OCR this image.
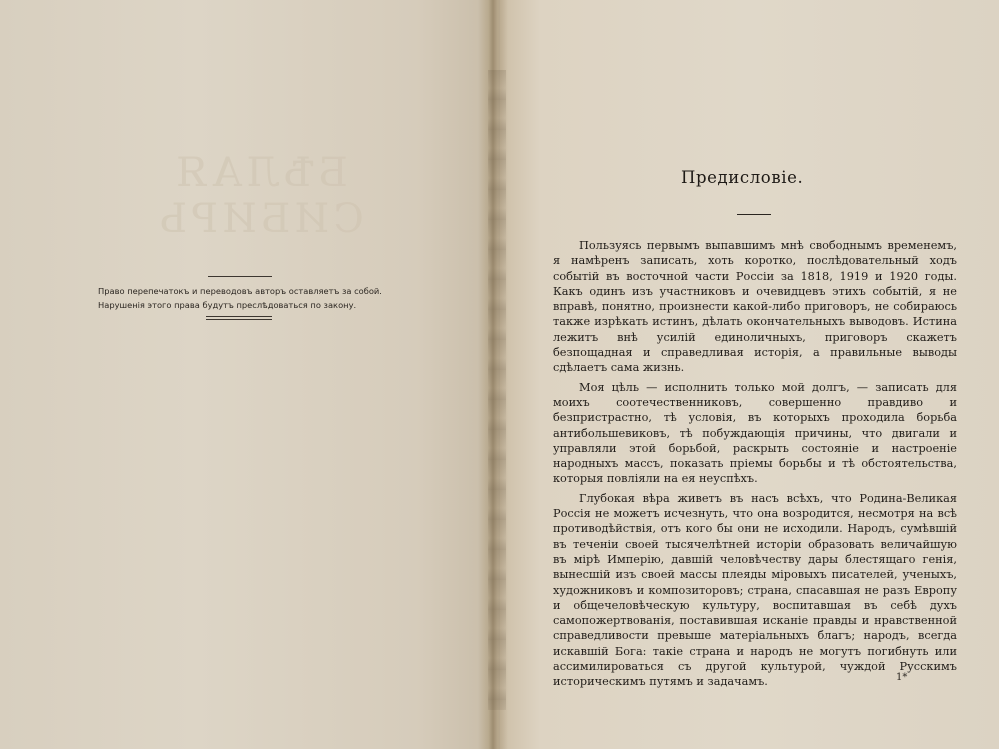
БѢЛАЯ СИБИРЬ
Право перепечатокъ и переводовъ авторъ оставляетъ за собой.
Нарушенія этого права будутъ преслѣдоваться по закону.
Предисловіе.

Пользуясь первымъ выпавшимъ мнѣ свободнымъ временемъ, я намѣренъ записать, хоть коротко, послѣдовательный ходъ событій въ восточной части Россіи за 1818, 1919 и 1920 годы. Какъ одинъ изъ участниковъ и очевидцевъ этихъ событій, я не вправѣ, понятно, произнести какой-либо приговоръ, не собираюсь также изрѣкать истинъ, дѣлать окончательныхъ выводовъ. Истина лежитъ внѣ усилій единоличныхъ, приговоръ скажетъ безпощадная и справедливая исторія, а правильные выводы сдѣлаетъ сама жизнь.

Моя цѣль — исполнить только мой долгъ, — записать для моихъ соотечественниковъ, совершенно правдиво и безпристрастно, тѣ условія, въ которыхъ проходила борьба антибольшевиковъ, тѣ побуждающія причины, что двигали и управляли этой борьбой, раскрыть состояніе и настроеніе народныхъ массъ, показать пріемы борьбы и тѣ обстоятельства, которыя повліяли на ея неуспѣхъ.

Глубокая вѣра живетъ въ насъ всѣхъ, что Родина-Великая Россія не можетъ исчезнуть, что она возродится, несмотря на всѣ противодѣйствія, отъ кого бы они не исходили. Народъ, сумѣвшій въ теченіи своей тысячелѣтней исторіи образовать величайшую въ мірѣ Имперію, давшій человѣчеству дары блестящаго генія, вынесшій изъ своей массы плеяды міровыхъ писателей, ученыхъ, художниковъ и композиторовъ; страна, спасавшая не разъ Европу и общечеловѣческую культуру, воспитавшая въ себѣ духъ самопожертвованія, поставившая исканіе правды и нравственной справедливости превыше матеріальныхъ благъ; народъ, всегда искавшій Бога: такіе страна и народъ не могутъ погибнуть или ассимилироваться съ другой культурой, чуждой Русскимъ историческимъ путямъ и задачамъ.	1*
